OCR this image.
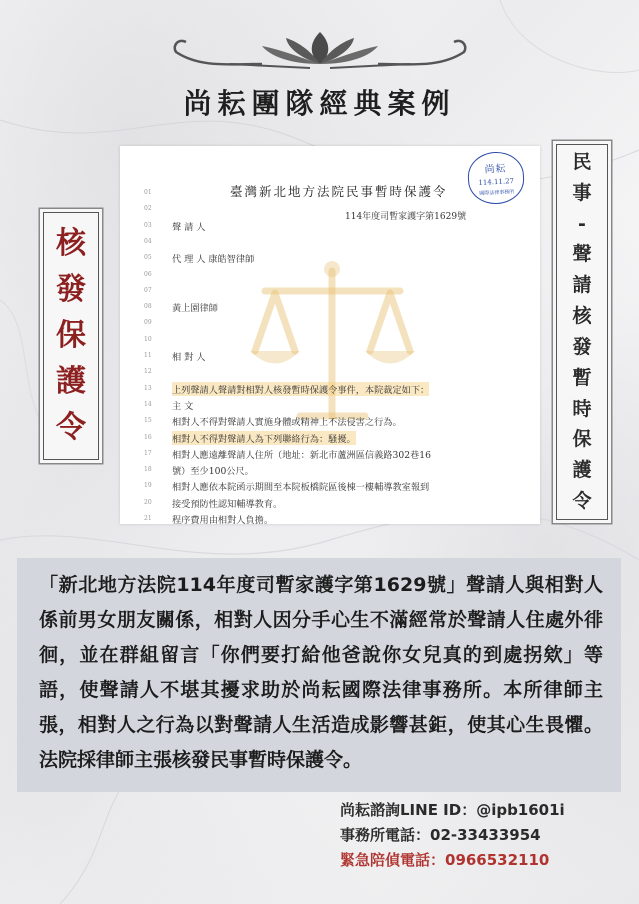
尚耘團隊經典案例
核
發
保
護
令
民
事
-
聲
請
核
發
暫
時
保
護
令
尚耘
114.11.27
國際法律事務所
臺灣新北地方法院民事暫時保護令
114年度司暫家護字第1629號
01
02
03	聲 請 人
04
05	代 理 人 康皓智律師
06
07
08	黃上園律師
09
10
11	相 對 人
12
13	上列聲請人聲請對相對人核發暫時保護令事件，本院裁定如下：
14	主 文
15	相對人不得對聲請人實施身體或精神上不法侵害之行為。
16	相對人不得對聲請人為下列聯絡行為：騷擾。
17	相對人應遠離聲請人住所（地址：新北市蘆洲區信義路302巷16
18	號）至少100公尺。
19	相對人應依本院函示期間至本院板橋院區後棟一樓輔導教室報到
20	接受預防性認知輔導教育。
21	程序費用由相對人負擔。
「新北地方法院114年度司暫家護字第1629號」聲請人與相對人係前男女朋友關係，相對人因分手心生不滿經常於聲請人住處外徘徊，並在群組留言「你們要打給他爸說你女兒真的到處拐欸」等語，使聲請人不堪其擾求助於尚耘國際法律事務所。本所律師主張，相對人之行為以對聲請人生活造成影響甚鉅，使其心生畏懼。法院採律師主張核發民事暫時保護令。
尚耘諮詢LINE ID：@ipb1601i
事務所電話：02-33433954
緊急陪偵電話：0966532110
